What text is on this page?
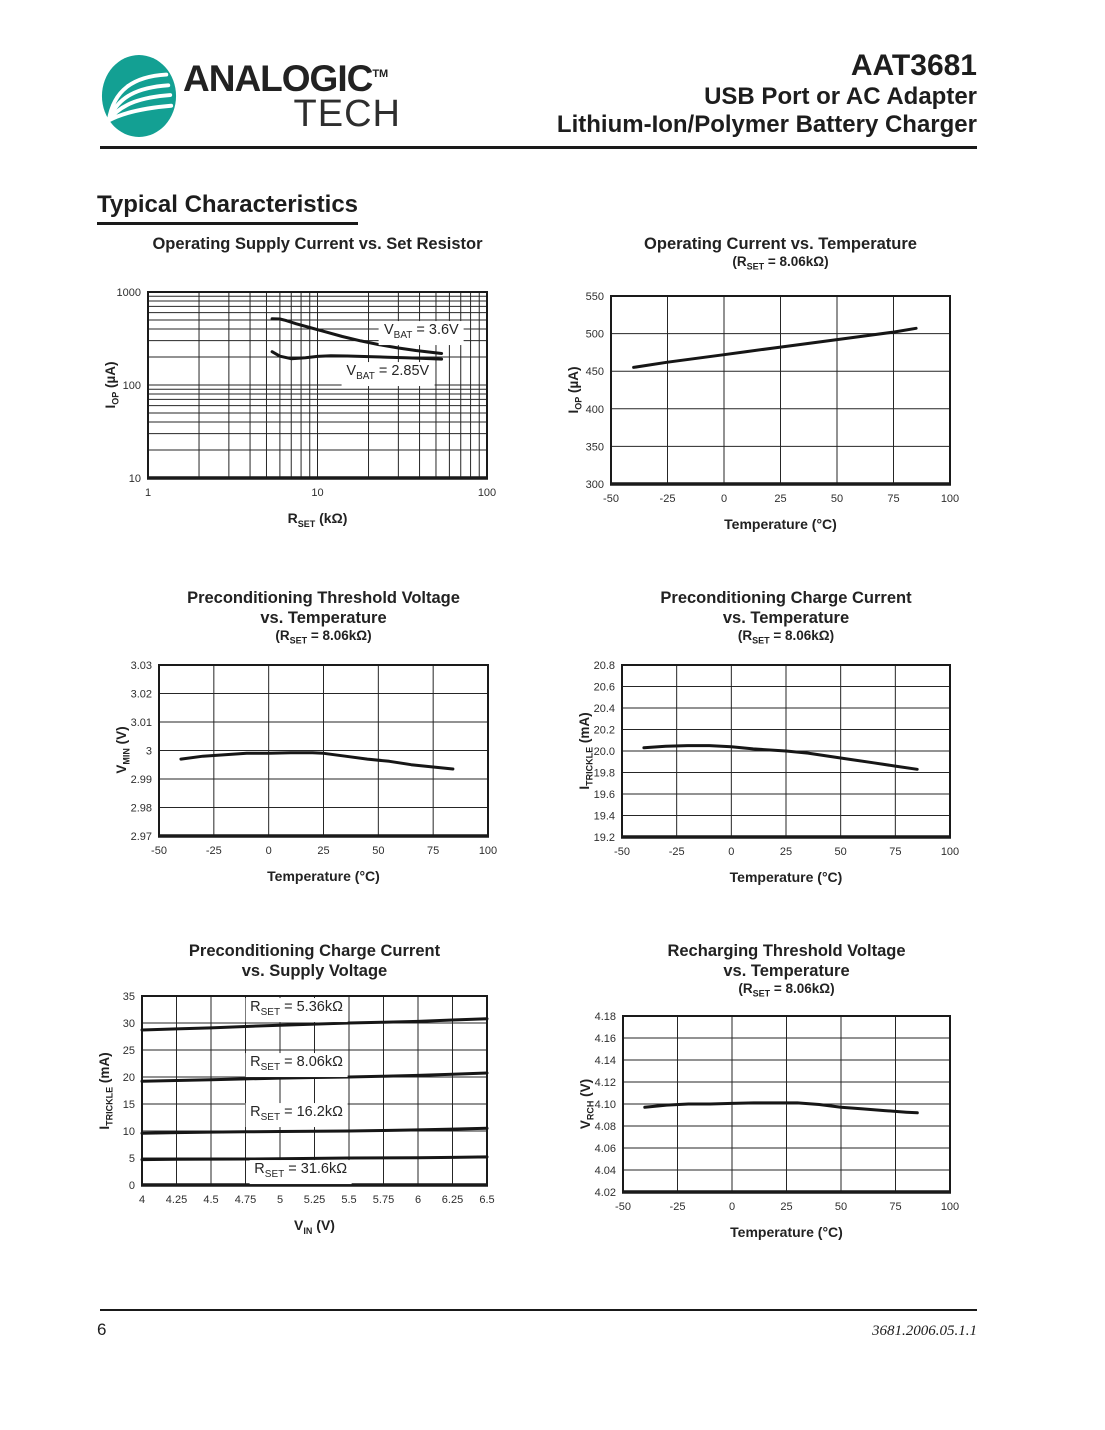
ANALOGIC™
TECH
AAT3681
USB Port or AC Adapter
Lithium-Ion/Polymer Battery Charger
Typical Characteristics
Operating Supply Current vs. Set Resistor
$I_{OP}$ (µA)
1	10	100
10
100
1000
$V_{BAT} = 3.6V$
$V_{BAT} = 2.85V$
$R_{SET}$ (kΩ)
Operating Current vs. Temperature
$(R_{SET} = 8.06k\Omega)$
$I_{OP}$ (µA)
-50	-25	0	25	50	75	100
300
350
400
450
500
550
Temperature (°C)
Preconditioning Threshold Voltage
vs. Temperature
$(R_{SET} = 8.06k\Omega)$
$V_{MIN}$ (V)
-50	-25	0	25	50	75	100
2.97
2.98
2.99
3
3.01
3.02
3.03
Temperature (°C)
Preconditioning Charge Current
vs. Temperature
$(R_{SET} = 8.06k\Omega)$
$I_{TRICKLE}$ (mA)
-50	-25	0	25	50	75	100
19.2
19.4
19.6
19.8
20.0
20.2
20.4
20.6
20.8
Temperature (°C)
Preconditioning Charge Current
vs. Supply Voltage
$I_{TRICKLE}$ (mA)
4 4.25 4.5 4.75 5 5.25 5.5 5.75 6 6.25 6.5
0
5
10
15
20
25
30
35
$R_{SET} = 5.36k\Omega$
$R_{SET} = 8.06k\Omega$
$R_{SET} = 16.2k\Omega$
$R_{SET} = 31.6k\Omega$
$V_{IN}$ (V)
Recharging Threshold Voltage
vs. Temperature
$(R_{SET} = 8.06k\Omega)$
$V_{RCH}$ (V)
-50	-25	0	25	50	75	100
4.02
4.04
4.06
4.08
4.10
4.12
4.14
4.16
4.18
Temperature (°C)
6	3681.2006.05.1.1
